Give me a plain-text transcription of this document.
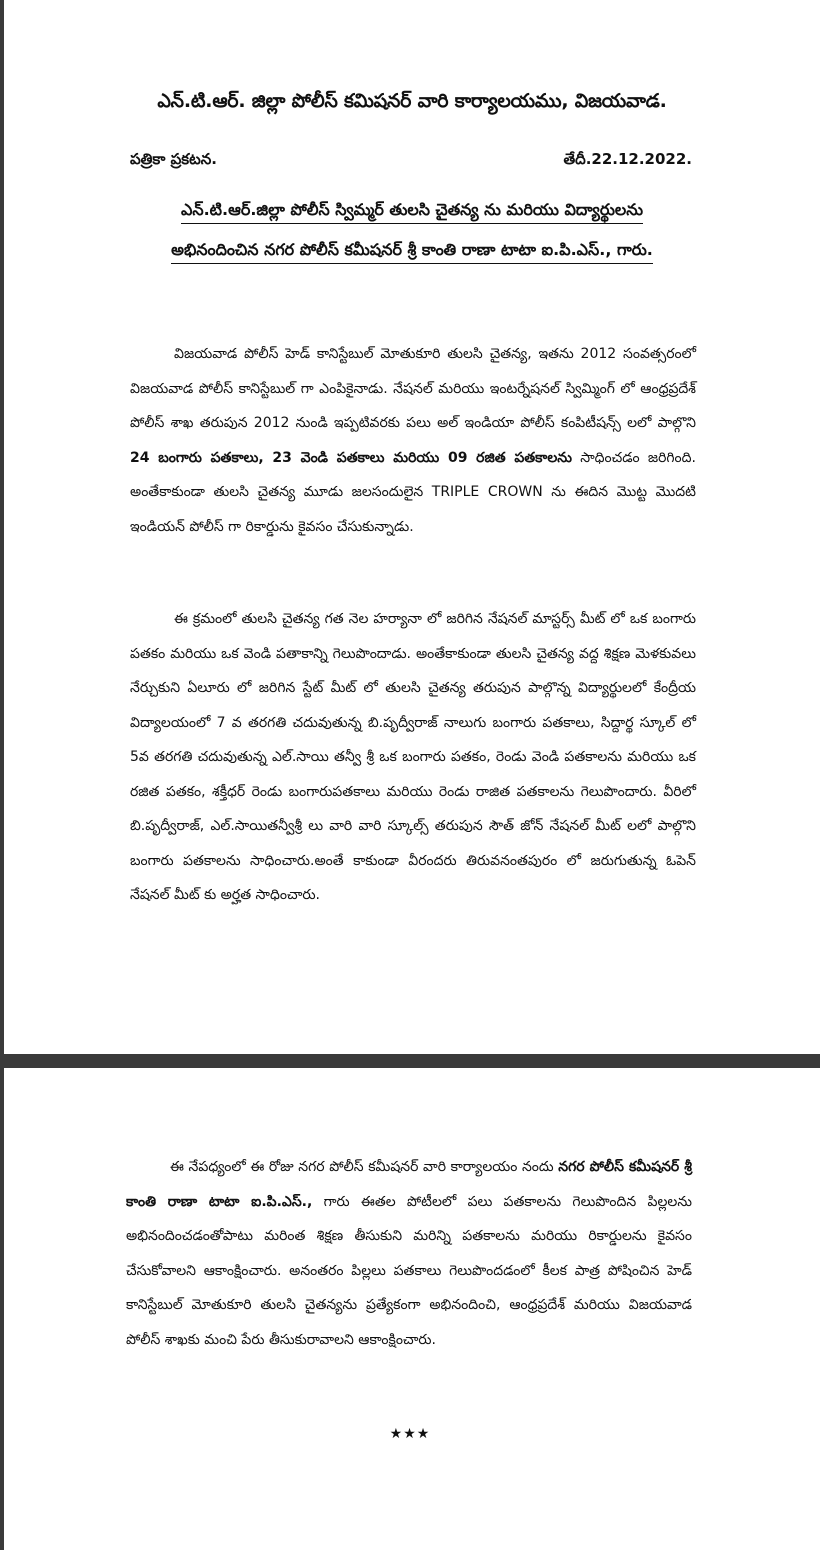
ఎన్.టి.ఆర్. జిల్లా పోలీస్ కమిషనర్ వారి కార్యాలయము, విజయవాడ.
పత్రికా ప్రకటన.	తేదీ.22.12.2022.
ఎన్.టి.ఆర్.జిల్లా పోలీస్ స్విమ్మర్ తులసి చైతన్య ను మరియు విద్యార్థులను
అభినందించిన నగర పోలీస్ కమీషనర్ శ్రీ కాంతి రాణా టాటా ఐ.పి.ఎస్., గారు.

విజయవాడ పోలీస్ హెడ్ కానిస్టేబుల్ మోతుకూరి తులసి చైతన్య, ఇతను 2012 సంవత్సరంలో విజయవాడ పోలీస్ కానిస్టేబుల్ గా ఎంపికైనాడు. నేషనల్ మరియు ఇంటర్నేషనల్ స్విమ్మింగ్ లో ఆంధ్రప్రదేశ్ పోలీస్ శాఖ తరుపున 2012 నుండి ఇప్పటివరకు పలు అల్ ఇండియా పోలీస్ కంపిటీషన్స్ లలో పాల్గొని 24 బంగారు పతకాలు, 23 వెండి పతకాలు మరియు 09 రజిత పతకాలను సాధించడం జరిగింది. అంతేకాకుండా తులసి చైతన్య మూడు జలసందులైన TRIPLE CROWN ను ఈదిన మొట్ట మొదటి ఇండియన్ పోలీస్ గా రికార్డును కైవసం చేసుకున్నాడు.

ఈ క్రమంలో తులసి చైతన్య గత నెల హర్యానా లో జరిగిన నేషనల్ మాస్టర్స్ మీట్ లో ఒక బంగారు పతకం మరియు ఒక వెండి పతాకాన్ని గెలుపొందాడు. అంతేకాకుండా తులసి చైతన్య వద్ద శిక్షణ మెళకువలు నేర్చుకుని ఏలూరు లో జరిగిన స్టేట్ మీట్ లో తులసి చైతన్య తరుపున పాల్గొన్న విద్యార్థులలో కేంద్రీయ విద్యాలయంలో 7 వ తరగతి చదువుతున్న బి.పృద్వీరాజ్ నాలుగు బంగారు పతకాలు, సిద్దార్థ స్కూల్ లో 5వ తరగతి చదువుతున్న ఎల్.సాయి తన్వీ శ్రీ ఒక బంగారు పతకం, రెండు వెండి పతకాలను మరియు ఒక రజిత పతకం, శక్తీధర్ రెండు బంగారుపతకాలు మరియు రెండు రాజిత పతకాలను గెలుపొందారు. వీరిలో బి.పృద్వీరాజ్, ఎల్.సాయితన్వీశ్రీ లు వారి వారి స్కూల్స్ తరుపున సౌత్ జోన్ నేషనల్ మీట్ లలో పాల్గొని బంగారు పతకాలను సాధించారు.అంతే కాకుండా వీరందరు తిరువనంతపురం లో జరుగుతున్న ఓపెన్ నేషనల్ మీట్ కు అర్హత సాధించారు.

ఈ నేపధ్యంలో ఈ రోజు నగర పోలీస్ కమీషనర్ వారి కార్యాలయం నందు నగర పోలీస్ కమీషనర్ శ్రీ కాంతి రాణా టాటా ఐ.పి.ఎస్., గారు ఈతల పోటీలలో పలు పతకాలను గెలుపొందిన పిల్లలను అభినందించడంతోపాటు మరింత శిక్షణ తీసుకుని మరిన్ని పతకాలను మరియు రికార్డులను కైవసం చేసుకోవాలని ఆకాంక్షించారు. అనంతరం పిల్లలు పతకాలు గెలుపొందడంలో కీలక పాత్ర పోషించిన హెడ్ కానిస్టేబుల్ మోతుకూరి తులసి చైతన్యను ప్రత్యేకంగా అభినందించి, ఆంధ్రప్రదేశ్ మరియు విజయవాడ పోలీస్ శాఖకు మంచి పేరు తీసుకురావాలని ఆకాంక్షించారు.

★★★
